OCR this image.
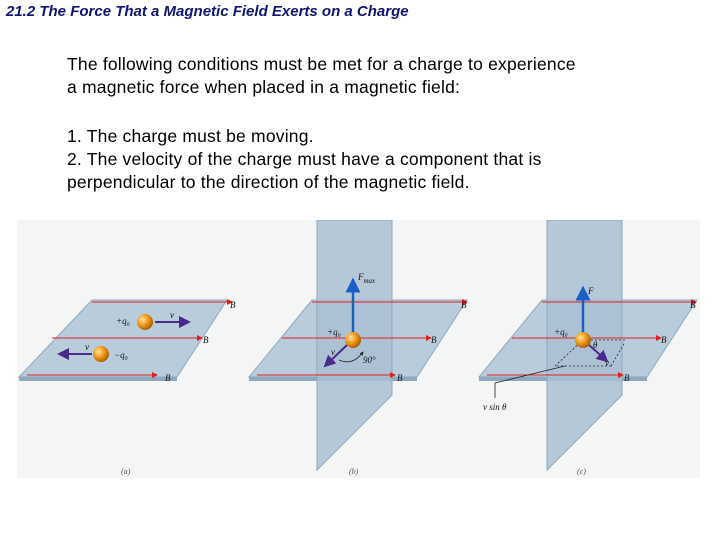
21.2 The Force That a Magnetic Field Exerts on a Charge
The following conditions must be met for a charge to experience
a magnetic force when placed in a magnetic field:
1. The charge must be moving.
2. The velocity of the charge must have a component that is
perpendicular to the direction of the magnetic field.
B
B
B
+q₀
v
−q₀
v
(a)
B
B
B
$F_{max}$
+q₀
v
90°
(b)
B
B
B
F
+q₀
θ
v
v sin θ
(c)
